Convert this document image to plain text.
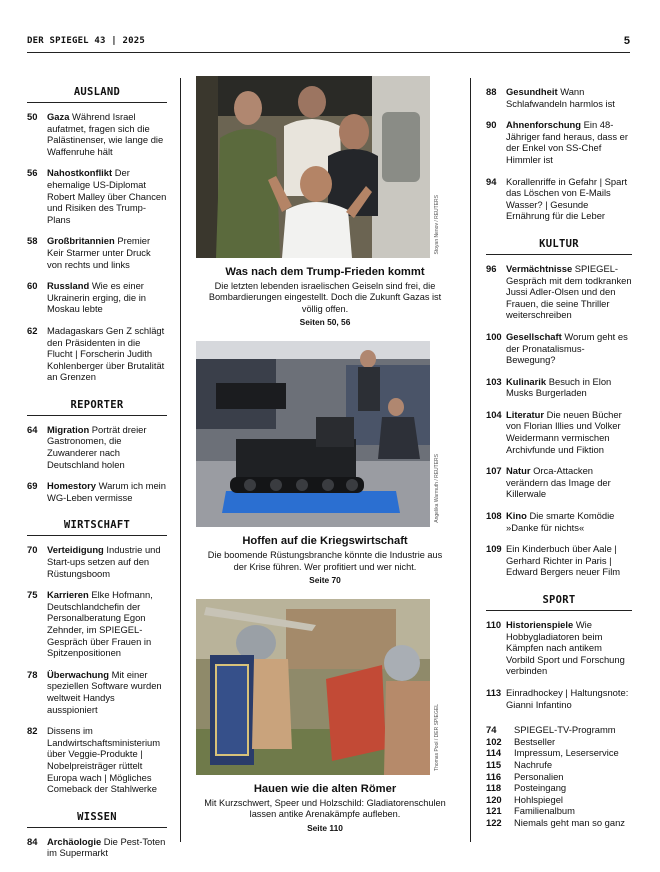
DER SPIEGEL 43 | 2025	5
AUSLAND
50	Gaza Während Israel aufatmet, fragen sich die Palästinenser, wie lange die Waffenruhe hält
56	Nahostkonflikt Der ehemalige US-Diplomat Robert Malley über Chancen und Risiken des Trump-Plans
58	Großbritannien Premier Keir Starmer unter Druck von rechts und links
60	Russland Wie es einer Ukrainerin erging, die in Moskau lebte
62	Madagaskars Gen Z schlägt den Präsidenten in die Flucht | Forscherin Judith Kohlenberger über Brutalität an Grenzen
REPORTER
64	Migration Porträt dreier Gastronomen, die Zuwanderer nach Deutschland holen
69	Homestory Warum ich mein WG-Leben vermisse
WIRTSCHAFT
70	Verteidigung Industrie und Start-ups setzen auf den Rüstungsboom
75	Karrieren Elke Hofmann, Deutschlandchefin der Personalberatung Egon Zehnder, im SPIEGEL-Gespräch über Frauen in Spitzenpositionen
78	Überwachung Mit einer speziellen Software wurden weltweit Handys ausspioniert
82	Dissens im Landwirtschaftsministerium über Veggie-Produkte | Nobelpreisträger rüttelt Europa wach | Mögliches Comeback der Stahlwerke
WISSEN
84	Archäologie Die Pest-Toten im Supermarkt
Stoyan Nenov / REUTERS
Was nach dem Trump-Frieden kommt
Die letzten lebenden israelischen Geiseln sind frei, die Bombardierungen eingestellt. Doch die Zukunft Gazas ist völlig offen.
Seiten 50, 56
Angelika Warmuth / REUTERS
Hoffen auf die Kriegswirtschaft
Die boomende Rüstungsbranche könnte die Industrie aus der Krise führen. Wer profitiert und wer nicht.
Seite 70
Thomas Pool / DER SPIEGEL
Hauen wie die alten Römer
Mit Kurzschwert, Speer und Holzschild: Gladiatorenschulen lassen antike Arenakämpfe aufleben.
Seite 110
88	Gesundheit Wann Schlafwandeln harmlos ist
90	Ahnenforschung Ein 48-Jähriger fand heraus, dass er der Enkel von SS-Chef Himmler ist
94	Korallenriffe in Gefahr | Spart das Löschen von E-Mails Wasser? | Gesunde Ernährung für die Leber
KULTUR
96	Vermächtnisse SPIEGEL-Gespräch mit dem todkranken Jussi Adler-Olsen und den Frauen, die seine Thriller weiterschreiben
100 Gesellschaft Worum geht es der Pronatalismus-Bewegung?
103 Kulinarik Besuch in Elon Musks Burgerladen
104 Literatur Die neuen Bücher von Florian Illies und Volker Weidermann vermischen Archivfunde und Fiktion
107 Natur Orca-Attacken verändern das Image der Killerwale
108 Kino Die smarte Komödie »Danke für nichts«
109 Ein Kinderbuch über Aale | Gerhard Richter in Paris | Edward Bergers neuer Film
SPORT
110 Historienspiele Wie Hobbygladiatoren beim Kämpfen nach antikem Vorbild Sport und Forschung verbinden
113 Einradhockey | Haltungsnote: Gianni Infantino
74	SPIEGEL-TV-Programm
102	Bestseller
114	Impressum, Leserservice
115	Nachrufe
116	Personalien
118	Posteingang
120	Hohlspiegel
121	Familienalbum
122	Niemals geht man so ganz
